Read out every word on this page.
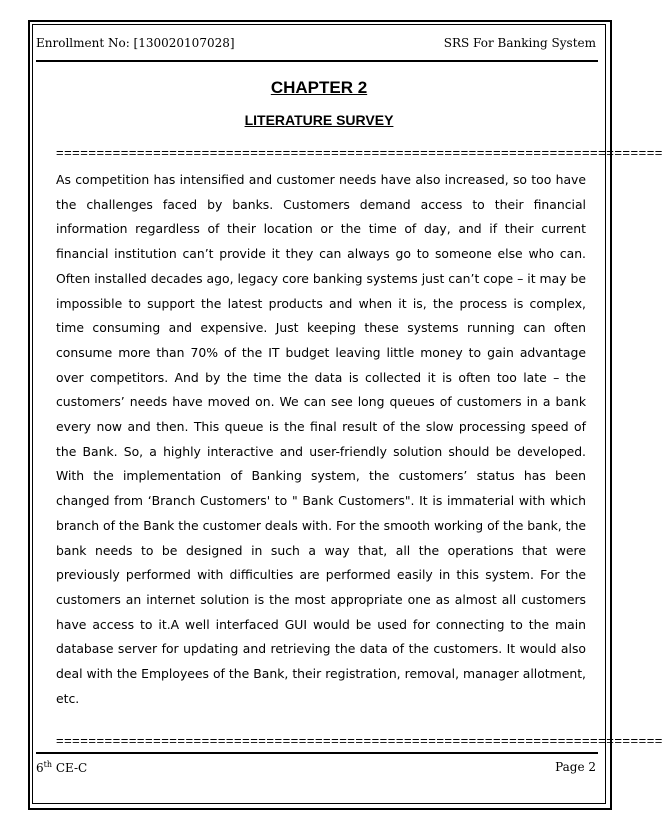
Enrollment No: [130020107028]	SRS For Banking System
CHAPTER 2
LITERATURE SURVEY
===========================================================================

As competition has intensified and customer needs have also increased, so too have the challenges faced by banks. Customers demand access to their financial information regardless of their location or the time of day, and if their current financial institution can’t provide it they can always go to someone else who can. Often installed decades ago, legacy core banking systems just can’t cope – it may be impossible to support the latest products and when it is, the process is complex, time consuming and expensive. Just keeping these systems running can often consume more than 70% of the IT budget leaving little money to gain advantage over competitors. And by the time the data is collected it is often too late – the customers’ needs have moved on. We can see long queues of customers in a bank every now and then. This queue is the final result of the slow processing speed of the Bank. So, a highly interactive and user-friendly solution should be developed. With the implementation of Banking system, the customers’ status has been changed from ‘Branch Customers' to " Bank Customers". It is immaterial with which branch of the Bank the customer deals with. For the smooth working of the bank, the bank needs to be designed in such a way that, all the operations that were previously performed with difficulties are performed easily in this system. For the customers an internet solution is the most appropriate one as almost all customers have access to it.A well interfaced GUI would be used for connecting to the main database server for updating and retrieving the data of the customers. It would also deal with the Employees of the Bank, their registration, removal, manager allotment, etc.

===========================================================================
6th CE-C	Page 2
